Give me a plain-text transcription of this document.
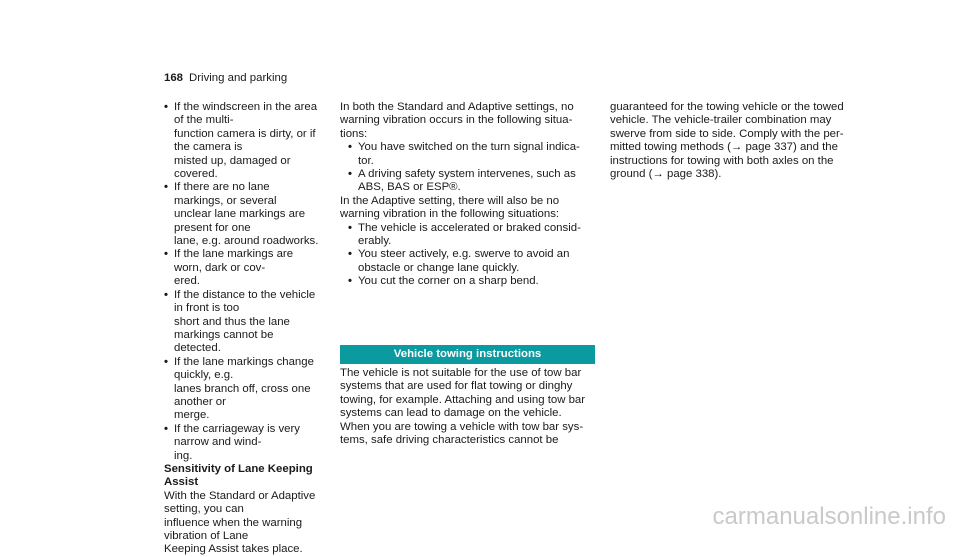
168 Driving and parking
• If the windscreen in the area of the multi-
function camera is dirty, or if the camera is
misted up, damaged or covered.
• If there are no lane markings, or several
unclear lane markings are present for one
lane, e.g. around roadworks.
• If the lane markings are worn, dark or cov-
ered.
• If the distance to the vehicle in front is too
short and thus the lane markings cannot be
detected.
• If the lane markings change quickly, e.g.
lanes branch off, cross one another or
merge.
• If the carriageway is very narrow and wind-
ing.

Sensitivity of Lane Keeping Assist

With the Standard or Adaptive setting, you can
influence when the warning vibration of Lane
Keeping Assist takes place.

In both the Standard and Adaptive settings, no
warning vibration occurs in the following situa-
tions:

• You have switched on the turn signal indica-
tor.
• A driving safety system intervenes, such as
ABS, BAS or ESP®.

In the Adaptive setting, there will also be no
warning vibration in the following situations:

• The vehicle is accelerated or braked consid-
erably.
• You steer actively, e.g. swerve to avoid an
obstacle or change lane quickly.
• You cut the corner on a sharp bend.
Vehicle towing instructions

The vehicle is not suitable for the use of tow bar
systems that are used for flat towing or dinghy
towing, for example. Attaching and using tow bar
systems can lead to damage on the vehicle.
When you are towing a vehicle with tow bar sys-
tems, safe driving characteristics cannot be

guaranteed for the towing vehicle or the towed
vehicle. The vehicle-trailer combination may
swerve from side to side. Comply with the per-
mitted towing methods (→ page 337) and the
instructions for towing with both axles on the
ground (→ page 338).

carmanualsonline.info
